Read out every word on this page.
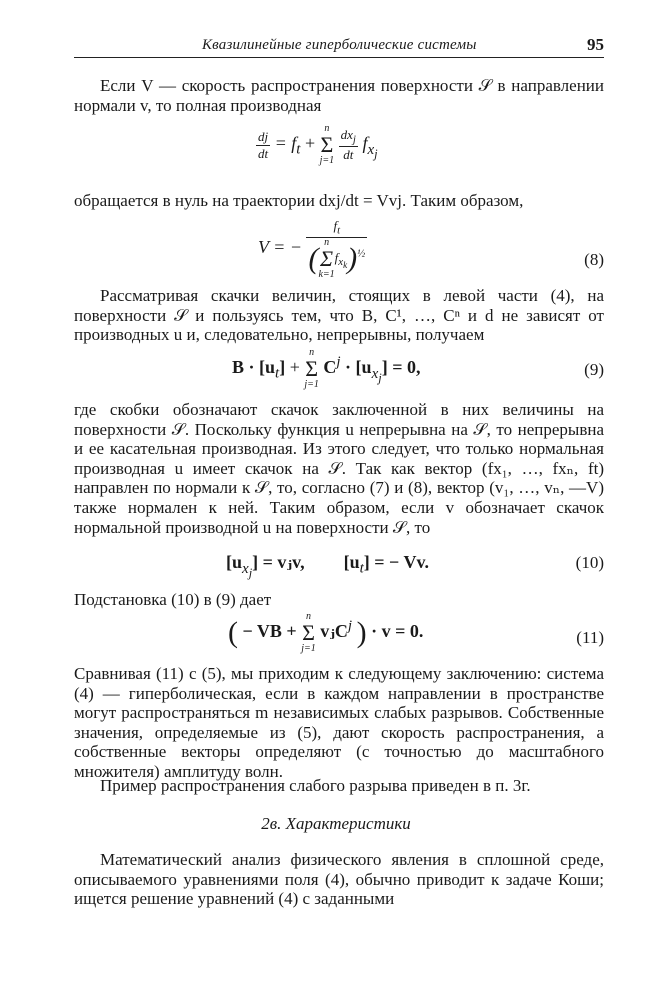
Квазилинейные гиперболические системы	95

Если V — скорость распространения поверхности 𝒮 в направлении нормали v, то полная производная

$\frac{dj}{dt} = f_t$ +
n
Σ
j=1
$\frac{dx_j}{dt} f_{x_j}$

обращается в нуль на траектории dxj/dt = Vvj. Таким образом,

V = − $f_t$
( n
Σ
k=1
$f_{x_k})^{\frac{1}{2}}$	(8)

Рассматривая скачки величин, стоящих в левой части (4), на поверхности 𝒮 и пользуясь тем, что B, C¹, …, Cⁿ и d не зависят от производных u и, следовательно, непрерывны, получаем

$B \cdot [u_t]$ +
n
Σ
j=1
$C^j \cdot [u_{x_j}] = 0$,	(9)

где скобки обозначают скачок заключенной в них величины на поверхности 𝒮. Поскольку функция u непрерывна на 𝒮, то непрерывна и ее касательная производная. Из этого следует, что только нормальная производная u имеет скачок на 𝒮. Так как вектор (fx₁, …, fxₙ, ft) направлен по нормали к 𝒮, то, согласно (7) и (8), вектор (v₁, …, vₙ, —V) также нормален к ней. Таким образом, если v обозначает скачок нормальной производной u на поверхности 𝒮, то

$[u_{x_j}]$ = vⱼv, $[u_t]$ = − Vv.	(10)

Подстановка (10) в (9) дает

( − VB +
n
Σ
j=1
vⱼC$^j$ ) · v = 0.	(11)

Сравнивая (11) с (5), мы приходим к следующему заключению: система (4) — гиперболическая, если в каждом направлении в пространстве могут распространяться m независимых слабых разрывов. Собственные значения, определяемые из (5), дают скорость распространения, а собственные векторы определяют (с точностью до масштабного множителя) амплитуду волн.

Пример распространения слабого разрыва приведен в п. 3г.

2в. Характеристики

Математический анализ физического явления в сплошной среде, описываемого уравнениями поля (4), обычно приводит к задаче Коши; ищется решение уравнений (4) с заданными
